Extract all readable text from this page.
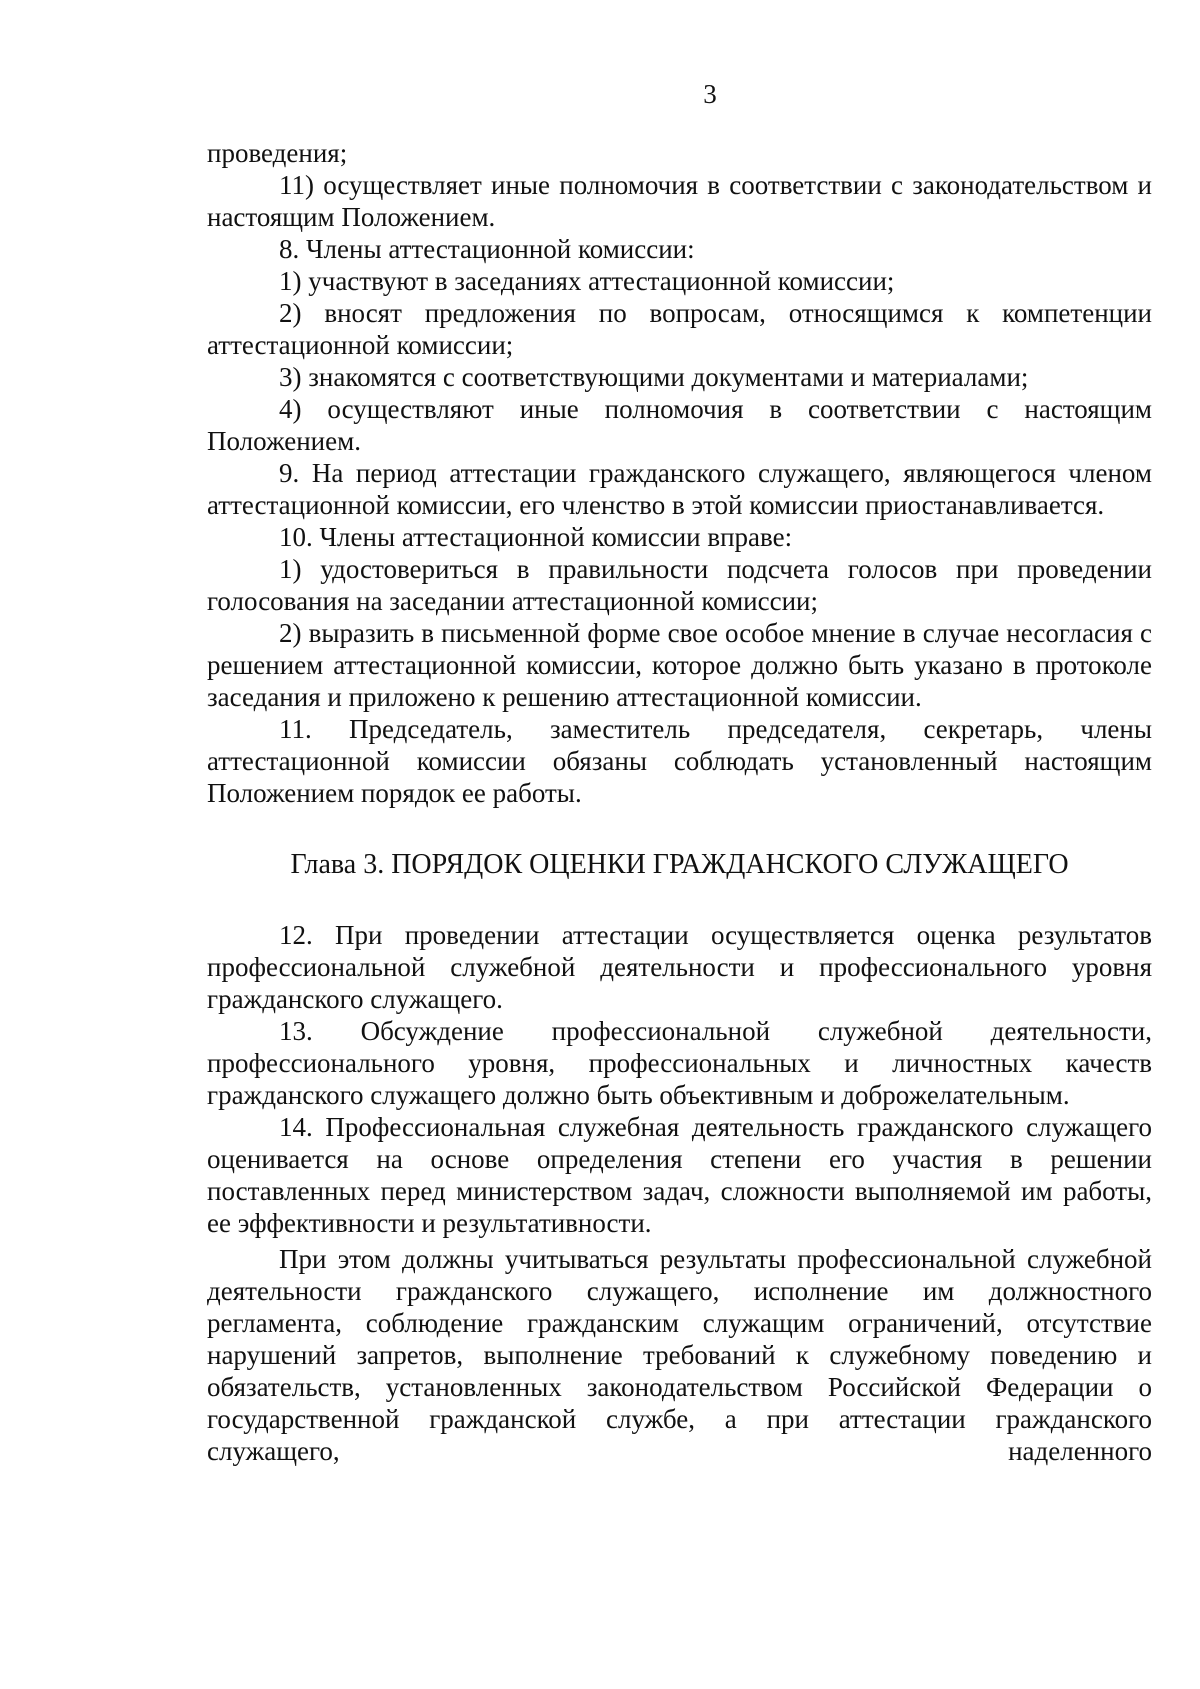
3

проведения;

11) осуществляет иные полномочия в соответствии с законодательством и настоящим Положением.

8. Члены аттестационной комиссии:

1) участвуют в заседаниях аттестационной комиссии;

2) вносят предложения по вопросам, относящимся к компетенции аттестационной комиссии;

3) знакомятся с соответствующими документами и материалами;

4) осуществляют иные полномочия в соответствии с настоящим Положением.

9. На период аттестации гражданского служащего, являющегося членом аттестационной комиссии, его членство в этой комиссии приостанавливается.

10. Члены аттестационной комиссии вправе:

1) удостовериться в правильности подсчета голосов при проведении голосования на заседании аттестационной комиссии;

2) выразить в письменной форме свое особое мнение в случае несогласия с решением аттестационной комиссии, которое должно быть указано в протоколе заседания и приложено к решению аттестационной комиссии.

11. Председатель, заместитель председателя, секретарь, члены аттестационной комиссии обязаны соблюдать установленный настоящим Положением порядок ее работы.

Глава 3. ПОРЯДОК ОЦЕНКИ ГРАЖДАНСКОГО СЛУЖАЩЕГО

12. При проведении аттестации осуществляется оценка результатов профессиональной служебной деятельности и профессионального уровня гражданского служащего.

13. Обсуждение профессиональной служебной деятельности, профессионального уровня, профессиональных и личностных качеств гражданского служащего должно быть объективным и доброжелательным.

14. Профессиональная служебная деятельность гражданского служащего оценивается на основе определения степени его участия в решении поставленных перед министерством задач, сложности выполняемой им работы, ее эффективности и результативности.

При этом должны учитываться результаты профессиональной служебной деятельности гражданского служащего, исполнение им должностного регламента, соблюдение гражданским служащим ограничений, отсутствие нарушений запретов, выполнение требований к служебному поведению и обязательств, установленных законодательством Российской Федерации о государственной гражданской службе, а при аттестации гражданского служащего, наделенного
